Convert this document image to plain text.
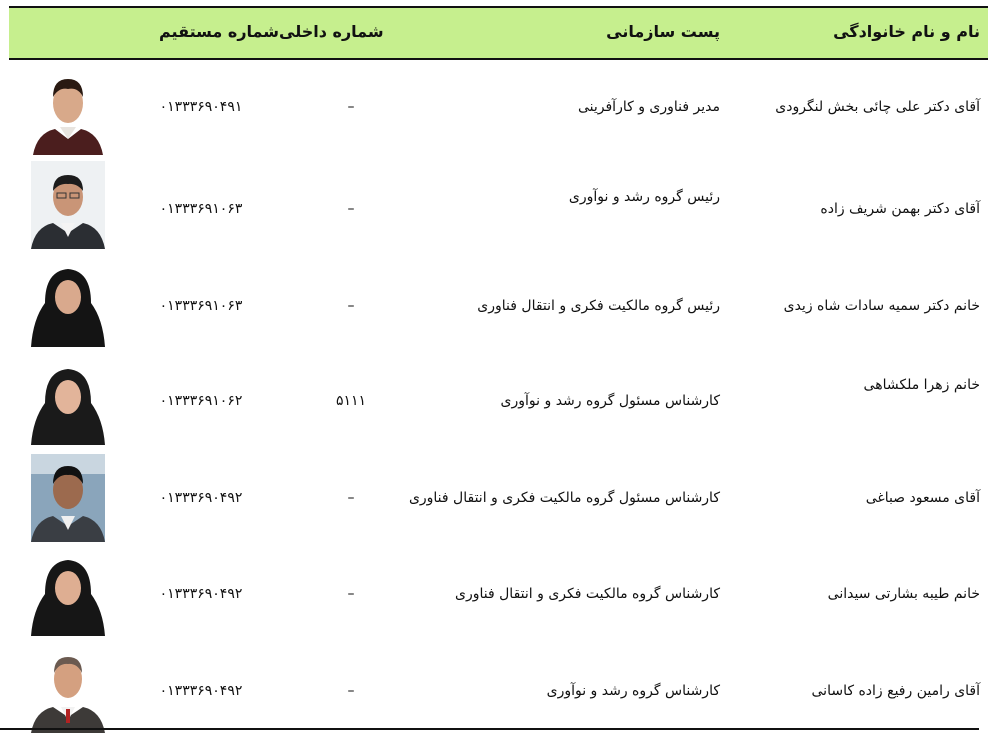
نام و نام خانوادگی
پست سازمانی
شماره داخلی
شماره مستقیم
آقای دکتر علی چائی بخش لنگرودی
مدیر فناوری و کارآفرینی
–
۰۱۳۳۳۶۹۰۴۹۱
آقای دکتر بهمن شریف زاده
رئیس گروه رشد و نوآوری
–
۰۱۳۳۳۶۹۱۰۶۳
خانم دکتر سمیه سادات شاه زیدی
رئیس گروه مالکیت فکری و انتقال فناوری
–
۰۱۳۳۳۶۹۱۰۶۳
خانم زهرا ملکشاهی
کارشناس مسئول گروه رشد و نوآوری
۵۱۱۱
۰۱۳۳۳۶۹۱۰۶۲
آقای مسعود صباغی
کارشناس مسئول گروه مالکیت فکری و انتقال فناوری
–
۰۱۳۳۳۶۹۰۴۹۲
خانم طیبه بشارتی سیدانی
کارشناس گروه مالکیت فکری و انتقال فناوری
–
۰۱۳۳۳۶۹۰۴۹۲
آقای رامین رفیع زاده کاسانی
کارشناس گروه رشد و نوآوری
–
۰۱۳۳۳۶۹۰۴۹۲
